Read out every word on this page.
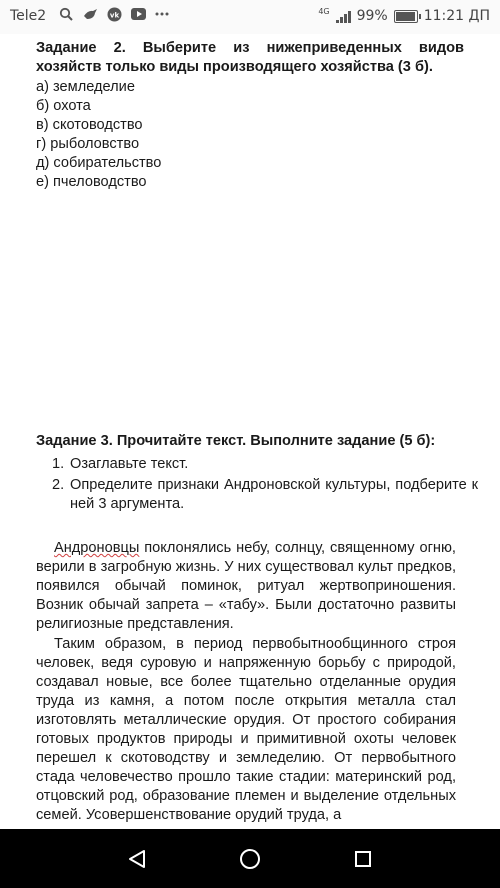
Tele2	vk	4G 99%	11:21 ДП
Задание 2. Выберите из нижеприведенных видов хозяйств только виды производящего хозяйства (3 б).
а) земледелие
б) охота
в) скотоводство
г) рыболовство
д) собирательство
е) пчеловодство
Задание 3. Прочитайте текст. Выполните задание (5 б):
1. Озаглавьте текст.
2. Определите признаки Андроновской культуры, подберите к ней 3 аргумента.
Андроновцы поклонялись небу, солнцу, священному огню, верили в загробную жизнь. У них существовал культ предков, появился обычай поминок, ритуал жертвоприношения. Возник обычай запрета – «табу». Были достаточно развиты религиозные представления.
Таким образом, в период первобытнообщинного строя человек, ведя суровую и напряженную борьбу с природой, создавал новые, все более тщательно отделанные орудия труда из камня, а потом после открытия металла стал изготовлять металлические орудия. От простого собирания готовых продуктов природы и примитивной охоты человек перешел к скотоводству и земледелию. От первобытного стада человечество прошло такие стадии: материнский род, отцовский род, образование племен и выделение отдельных семей. Усовершенствование орудий труда, а
